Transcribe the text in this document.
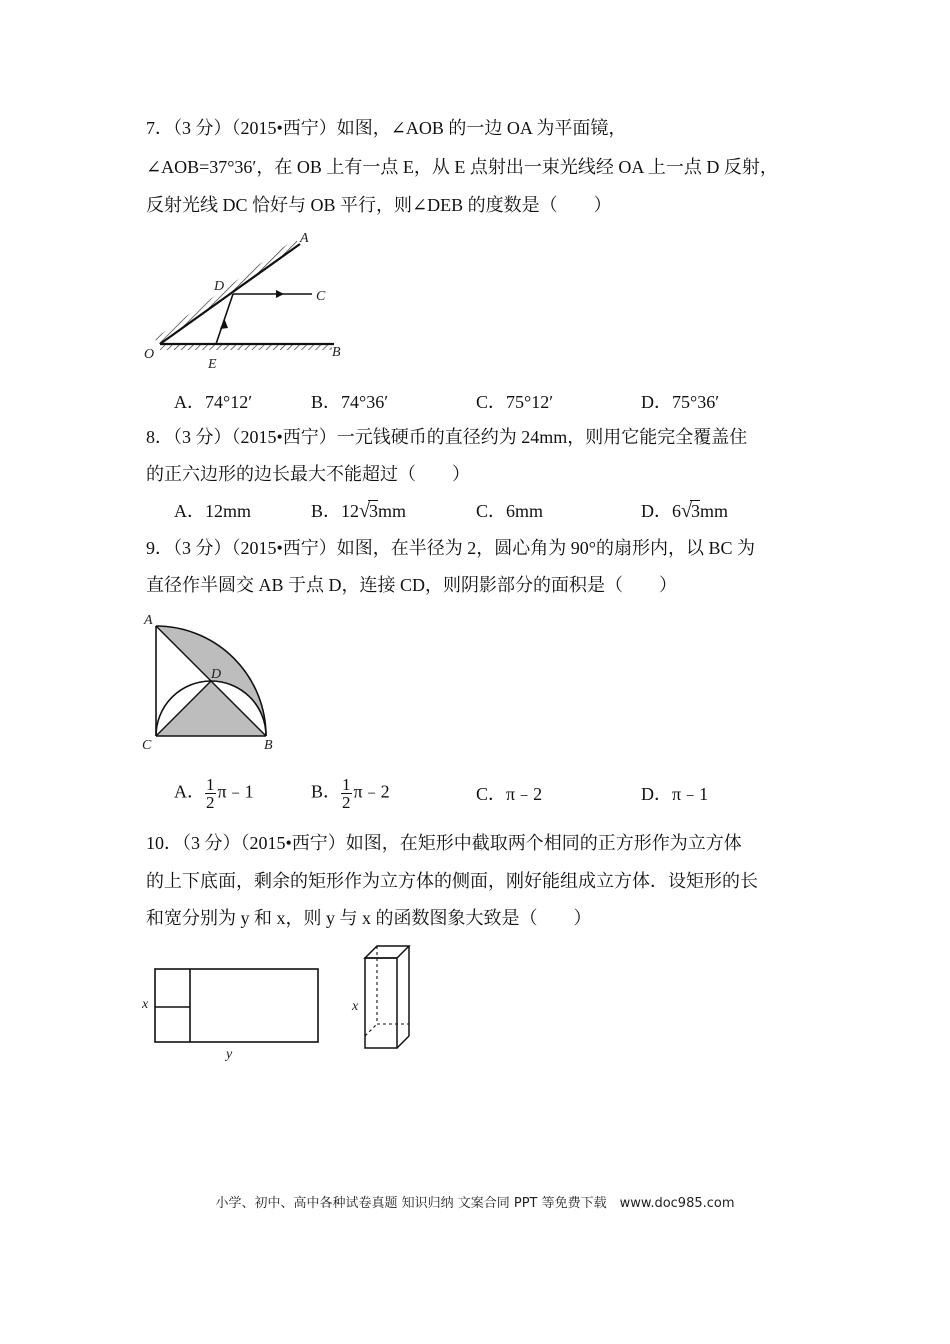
7．（3 分）（2015•西宁）如图，∠AOB 的一边 OA 为平面镜，
∠AOB=37°36′，在 OB 上有一点 E，从 E 点射出一束光线经 OA 上一点 D 反射，
反射光线 DC 恰好与 OB 平行，则∠DEB 的度数是（　　）
A
C
D
O
E
B
A．74°12′	B．74°36′	C．75°12′	D．75°36′
8．（3 分）（2015•西宁）一元钱硬币的直径约为 24mm，则用它能完全覆盖住
的正六边形的边长最大不能超过（　　）
A．12mm	B．12√3mm	C．6mm	D．6√3mm
9．（3 分）（2015•西宁）如图，在半径为 2，圆心角为 90°的扇形内，以 BC 为
直径作半圆交 AB 于点 D，连接 CD，则阴影部分的面积是（　　）
A
D
C	B
A． $\frac{1}{2}$ π﹣1	B． $\frac{1}{2}$ π﹣2	C．π﹣2	D．π﹣1
10．（3 分）（2015•西宁）如图，在矩形中截取两个相同的正方形作为立方体
的上下底面，剩余的矩形作为立方体的侧面，刚好能组成立方体．设矩形的长
和宽分别为 y 和 x，则 y 与 x 的函数图象大致是（　　）
x
y
x
小学、初中、高中各种试卷真题 知识归纳 文案合同 PPT 等免费下载　www.doc985.com
